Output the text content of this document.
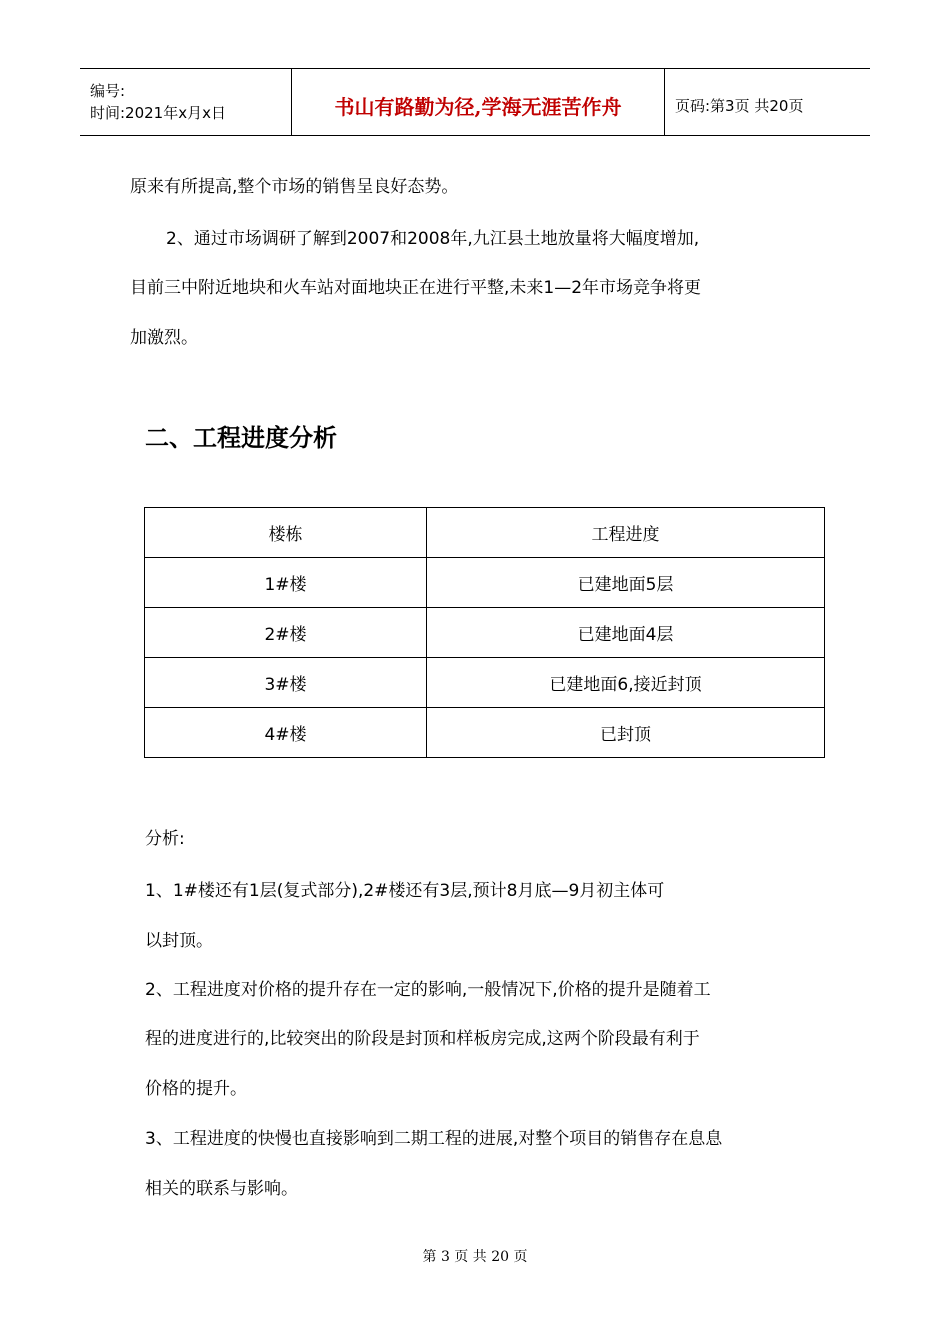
编号:
时间:2021年x月x日	书山有路勤为径,学海无涯苦作舟	页码:第3页 共20页
原来有所提高,整个市场的销售呈良好态势。
2、通过市场调研了解到2007和2008年,九江县土地放量将大幅度增加,
目前三中附近地块和火车站对面地块正在进行平整,未来1—2年市场竞争将更
加激烈。
二、工程进度分析
楼栋	工程进度
1#楼	已建地面5层
2#楼	已建地面4层
3#楼	已建地面6,接近封顶
4#楼	已封顶
分析:
1、1#楼还有1层(复式部分),2#楼还有3层,预计8月底—9月初主体可
以封顶。
2、工程进度对价格的提升存在一定的影响,一般情况下,价格的提升是随着工
程的进度进行的,比较突出的阶段是封顶和样板房完成,这两个阶段最有利于
价格的提升。
3、工程进度的快慢也直接影响到二期工程的进展,对整个项目的销售存在息息
相关的联系与影响。
第 3 页 共 20 页
